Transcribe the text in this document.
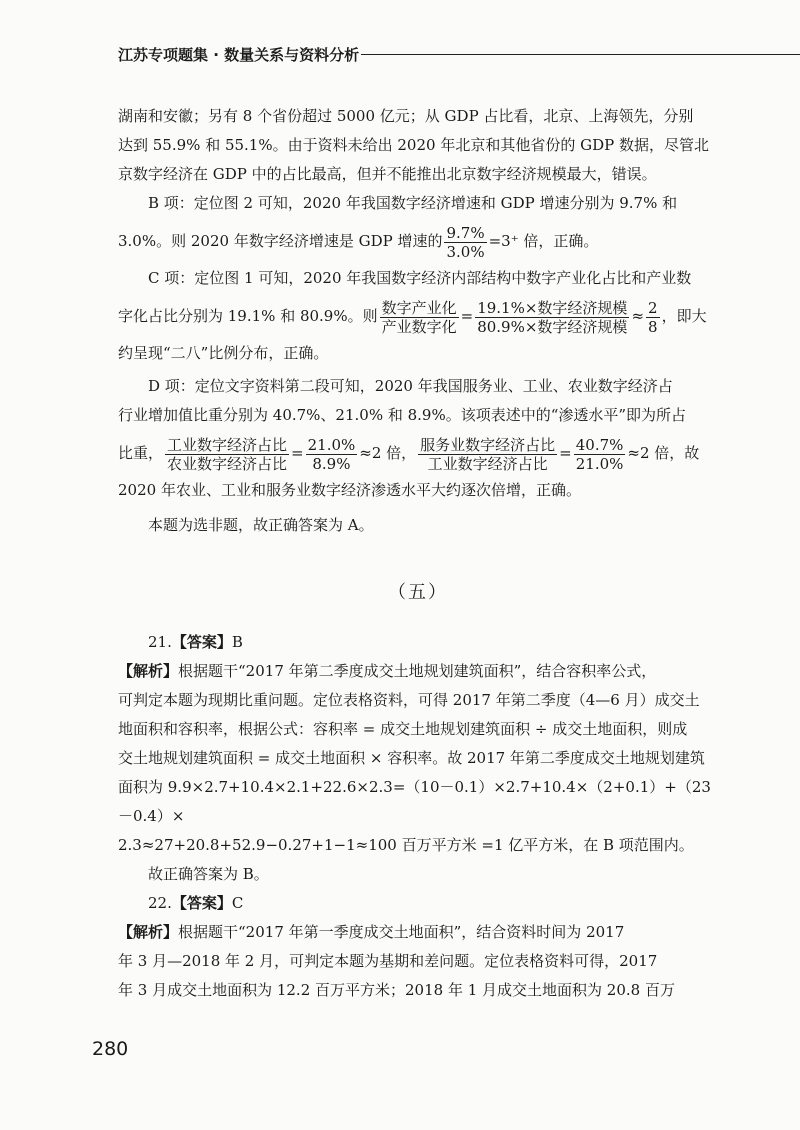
江苏专项题集 · 数量关系与资料分析

湖南和安徽；另有 8 个省份超过 5000 亿元；从 GDP 占比看，北京、上海领先，分别
达到 55.9% 和 55.1%。由于资料未给出 2020 年北京和其他省份的 GDP 数据，尽管北
京数字经济在 GDP 中的占比最高，但并不能推出北京数字经济规模最大，错误。

B 项：定位图 2 可知，2020 年我国数字经济增速和 GDP 增速分别为 9.7% 和

3.0%。则 2020 年数字经济增速是 GDP 增速的 $\frac{9.7\%}{3.0\%} =3^+$ 倍，正确。

C 项：定位图 1 可知，2020 年我国数字经济内部结构中数字产业化占比和产业数

字化占比分别为 19.1% 和 80.9%。则 $\frac{\text{数字产业化}}{\text{产业数字化}} = \frac{\text{19.1\%×数字经济规模}}{\text{80.9\%×数字经济规模}} \approx \frac{2}{8}$ ，即大

约呈现“二八”比例分布，正确。

D 项：定位文字资料第二段可知，2020 年我国服务业、工业、农业数字经济占
行业增加值比重分别为 40.7%、21.0% 和 8.9%。该项表述中的“渗透水平”即为所占

比重， $\frac{\text{工业数字经济占比}}{\text{农业数字经济占比}} = \frac{21.0\%}{8.9\%} \approx 2$ 倍， $\frac{\text{服务业数字经济占比}}{\text{工业数字经济占比}} = \frac{40.7\%}{21.0\%} \approx 2$ 倍，故

2020 年农业、工业和服务业数字经济渗透水平大约逐次倍增，正确。

本题为选非题，故正确答案为 A。

（五）

21.【答案】B

【解析】根据题干“2017 年第二季度成交土地规划建筑面积”，结合容积率公式，
可判定本题为现期比重问题。定位表格资料，可得 2017 年第二季度（4—6 月）成交土
地面积和容积率，根据公式：容积率 = 成交土地规划建筑面积 ÷ 成交土地面积，则成
交土地规划建筑面积 = 成交土地面积 × 容积率。故 2017 年第二季度成交土地规划建筑
面积为 9.9×2.7+10.4×2.1+22.6×2.3=（10－0.1）×2.7+10.4×（2+0.1）+（23－0.4）×
2.3≈27+20.8+52.9−0.27+1−1≈100 百万平方米 =1 亿平方米，在 B 项范围内。

故正确答案为 B。

22.【答案】C

【解析】根据题干“2017 年第一季度成交土地面积”，结合资料时间为 2017
年 3 月—2018 年 2 月，可判定本题为基期和差问题。定位表格资料可得，2017
年 3 月成交土地面积为 12.2 百万平方米；2018 年 1 月成交土地面积为 20.8 百万

280
